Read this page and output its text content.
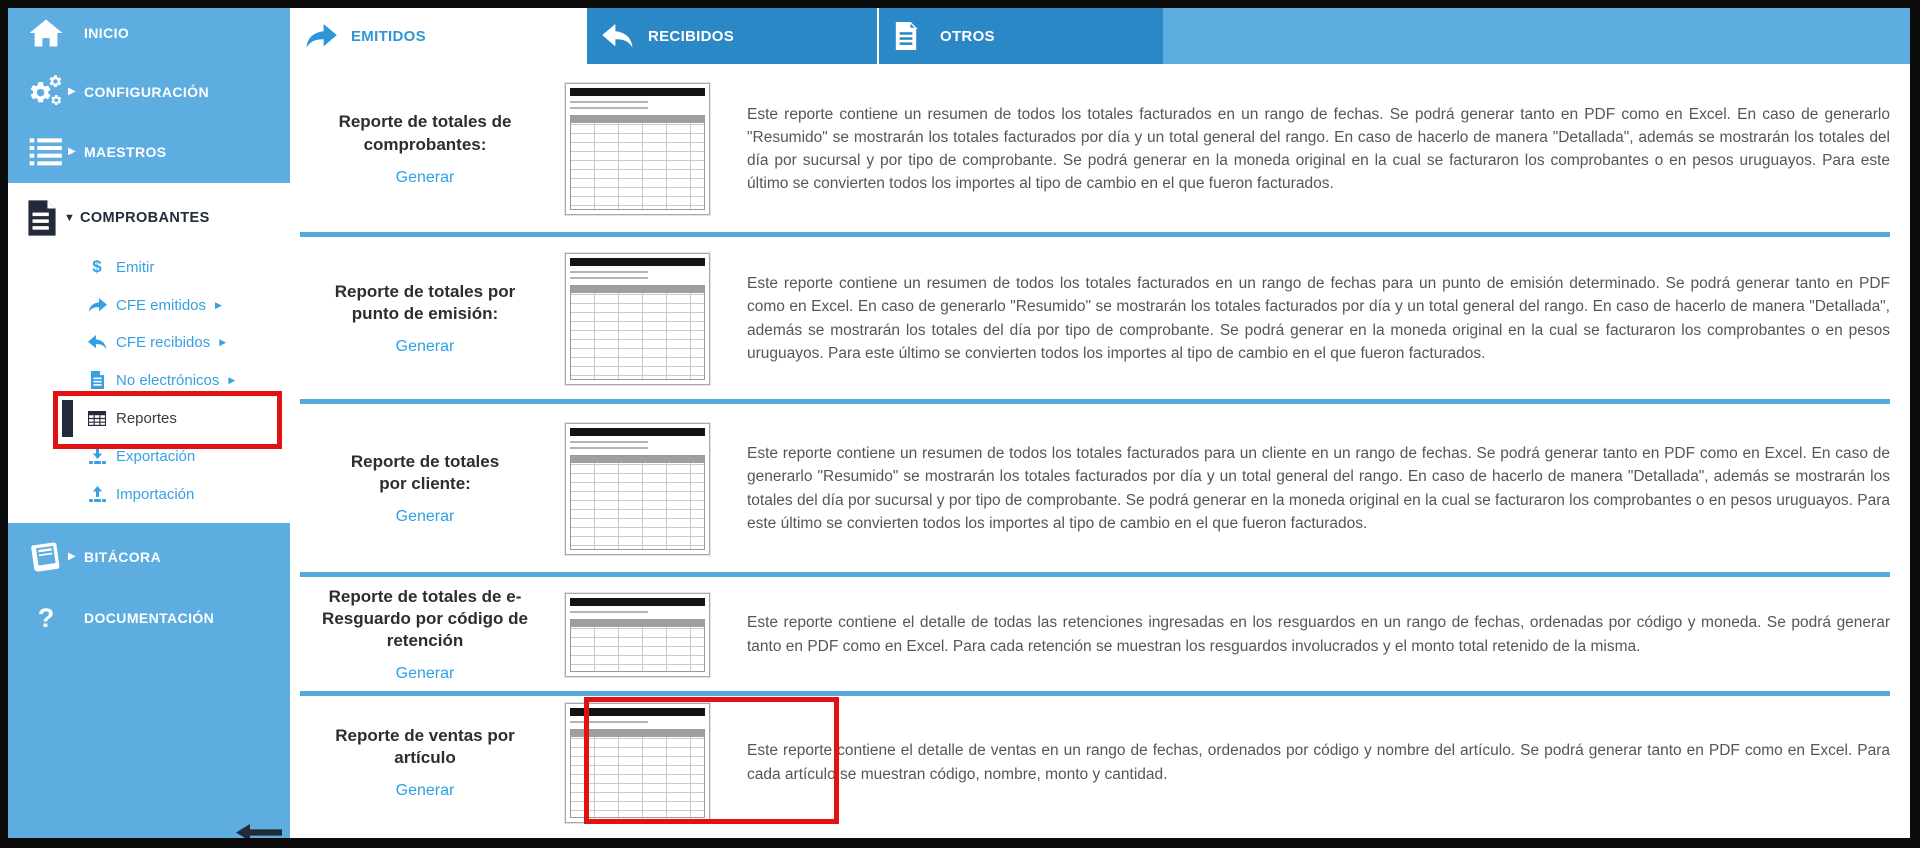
INICIO
▶ CONFIGURACIÓN
▶ MAESTROS
▼ COMPROBANTES
$ Emitir
CFE emitidos ▶
CFE recibidos ▶
No electrónicos ▶
Reportes
Exportación
Importación
▶ BITÁCORA
?	DOCUMENTACIÓN
EMITIDOS	RECIBIDOS	OTROS
Reporte de totales de comprobantes:
Generar

Este reporte contiene un resumen de todos los totales facturados en un rango de fechas. Se podrá generar tanto en PDF como en Excel. En caso de generarlo "Resumido" se mostrarán los totales facturados por día y un total general del rango. En caso de hacerlo de manera "Detallada", además se mostrarán los totales del día por sucursal y por tipo de comprobante. Se podrá generar en la moneda original en la cual se facturaron los comprobantes o en pesos uruguayos. Para este último se convierten todos los importes al tipo de cambio en el que fueron facturados.

Reporte de totales por punto de emisión:
Generar

Este reporte contiene un resumen de todos los totales facturados en un rango de fechas para un punto de emisión determinado. Se podrá generar tanto en PDF como en Excel. En caso de generarlo "Resumido" se mostrarán los totales facturados por día y un total general del rango. En caso de hacerlo de manera "Detallada", además se mostrarán los totales del día por tipo de comprobante. Se podrá generar en la moneda original en la cual se facturaron los comprobantes o en pesos uruguayos. Para este último se convierten todos los importes al tipo de cambio en el que fueron facturados.

Reporte de totales por cliente:
Generar

Este reporte contiene un resumen de todos los totales facturados para un cliente en un rango de fechas. Se podrá generar tanto en PDF como en Excel. En caso de generarlo "Resumido" se mostrarán los totales facturados por día y un total general del rango. En caso de hacerlo de manera "Detallada", además se mostrarán los totales del día por sucursal y por tipo de comprobante. Se podrá generar en la moneda original en la cual se facturaron los comprobantes o en pesos uruguayos. Para este último se convierten todos los importes al tipo de cambio en el que fueron facturados.

Reporte de totales de e-Resguardo por código de retención
Generar

Este reporte contiene el detalle de todas las retenciones ingresadas en los resguardos en un rango de fechas, ordenadas por código y moneda. Se podrá generar tanto en PDF como en Excel. Para cada retención se muestran los resguardos involucrados y el monto total retenido de la misma.

Reporte de ventas por artículo
Generar

Este reporte contiene el detalle de ventas en un rango de fechas, ordenados por código y nombre del artículo. Se podrá generar tanto en PDF como en Excel. Para cada artículo se muestran código, nombre, monto y cantidad.
